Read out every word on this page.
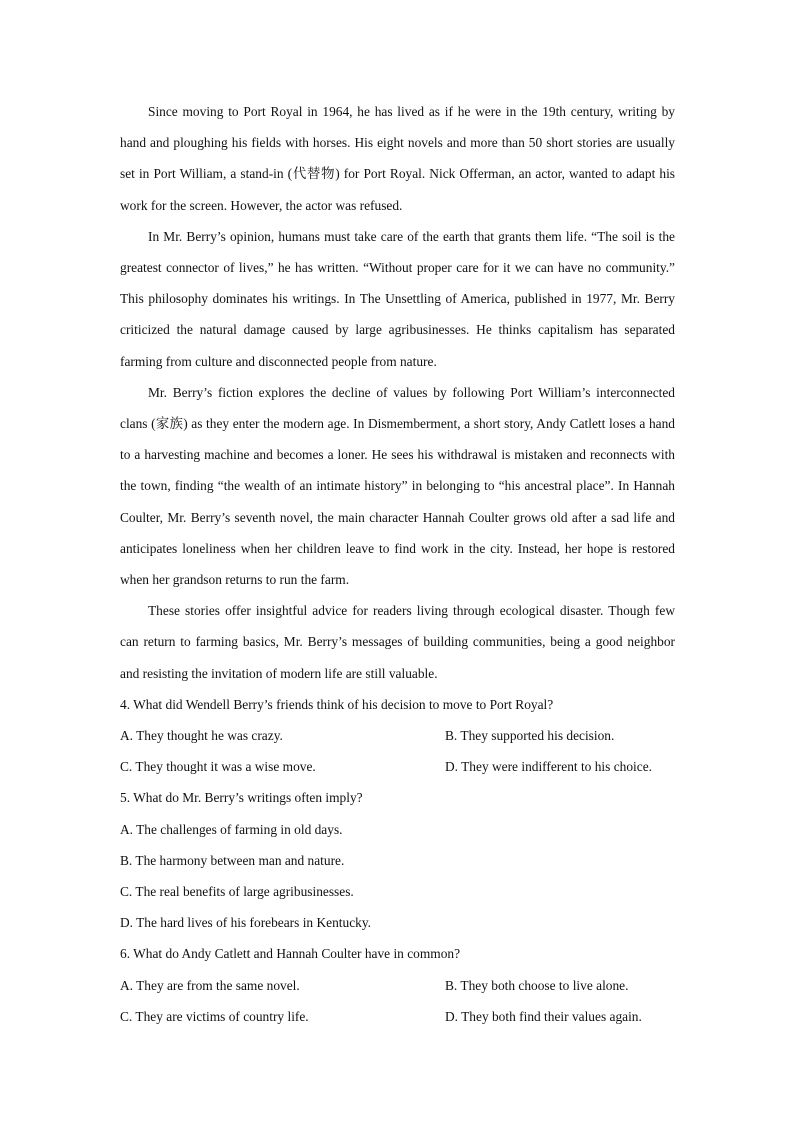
Since moving to Port Royal in 1964, he has lived as if he were in the 19th century, writing by hand and ploughing his fields with horses. His eight novels and more than 50 short stories are usually set in Port William, a stand-in (代替物) for Port Royal. Nick Offerman, an actor, wanted to adapt his work for the screen. However, the actor was refused.

In Mr. Berry’s opinion, humans must take care of the earth that grants them life. “The soil is the greatest connector of lives,” he has written. “Without proper care for it we can have no community.” This philosophy dominates his writings. In The Unsettling of America, published in 1977, Mr. Berry criticized the natural damage caused by large agribusinesses. He thinks capitalism has separated farming from culture and disconnected people from nature.

Mr. Berry’s fiction explores the decline of values by following Port William’s interconnected clans (家族) as they enter the modern age. In Dismemberment, a short story, Andy Catlett loses a hand to a harvesting machine and becomes a loner. He sees his withdrawal is mistaken and reconnects with the town, finding “the wealth of an intimate history” in belonging to “his ancestral place”. In Hannah Coulter, Mr. Berry’s seventh novel, the main character Hannah Coulter grows old after a sad life and anticipates loneliness when her children leave to find work in the city. Instead, her hope is restored when her grandson returns to run the farm.

These stories offer insightful advice for readers living through ecological disaster. Though few can return to farming basics, Mr. Berry’s messages of building communities, being a good neighbor and resisting the invitation of modern life are still valuable.

4. What did Wendell Berry’s friends think of his decision to move to Port Royal?

A. They thought he was crazy.	B. They supported his decision.

C. They thought it was a wise move.	D. They were indifferent to his choice.

5. What do Mr. Berry’s writings often imply?

A. The challenges of farming in old days.

B. The harmony between man and nature.

C. The real benefits of large agribusinesses.

D. The hard lives of his forebears in Kentucky.

6. What do Andy Catlett and Hannah Coulter have in common?

A. They are from the same novel.	B. They both choose to live alone.

C. They are victims of country life.	D. They both find their values again.
